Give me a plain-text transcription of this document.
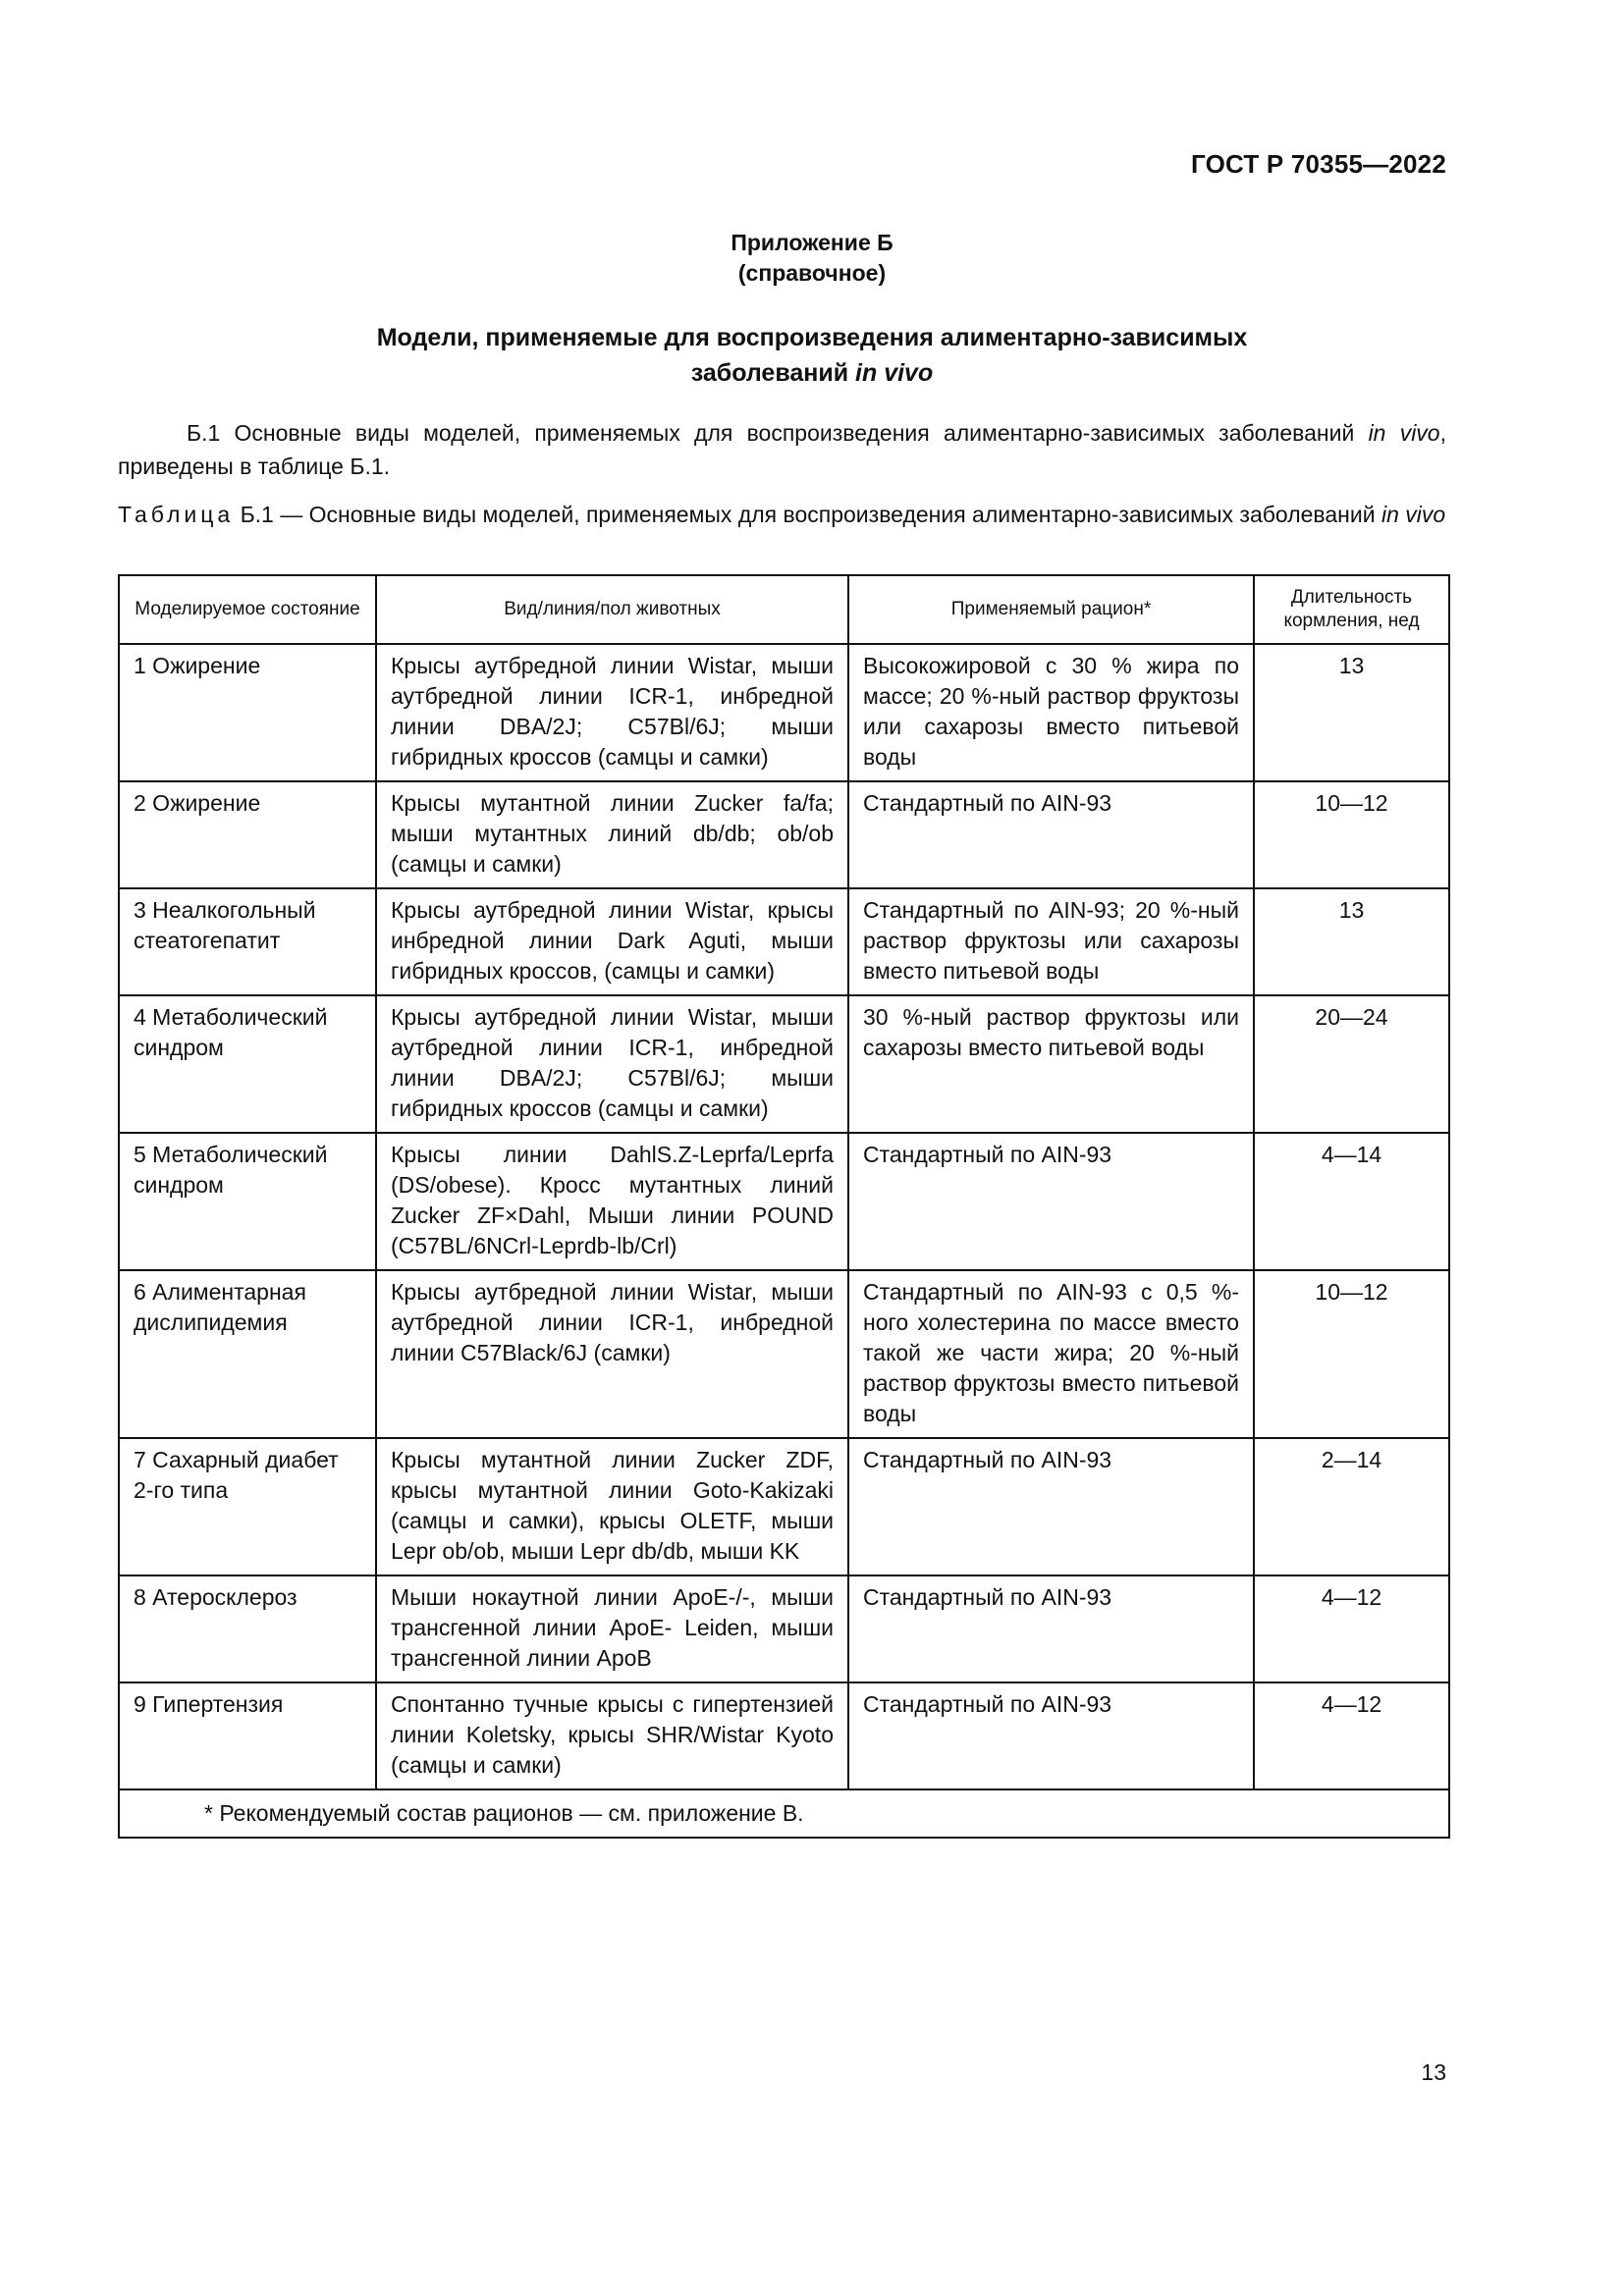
ГОСТ Р 70355—2022
Приложение Б
(справочное)
Модели, применяемые для воспроизведения алиментарно-зависимых
заболеваний in vivo
Б.1 Основные виды моделей, применяемых для воспроизведения алиментарно-зависимых заболеваний in vivo, приведены в таблице Б.1.
Таблица Б.1 — Основные виды моделей, применяемых для воспроизведения алиментарно-зависимых заболеваний in vivo
Моделируемое состояние	Вид/линия/пол животных	Применяемый рацион*	Длительность кормления, нед
1 Ожирение	Крысы аутбредной линии Wistar, мыши аутбредной линии ICR-1, инбредной линии DBA/2J; C57Bl/6J; мыши гибридных кроссов (самцы и самки)	Высокожировой с 30 % жира по массе; 20 %-ный раствор фруктозы или сахарозы вместо питьевой воды	13
2 Ожирение	Крысы мутантной линии Zucker fa/fa; мыши мутантных линий db/db; ob/ob (самцы и самки)	Стандартный по AIN-93	10—12
3 Неалкогольный стеатогепатит	Крысы аутбредной линии Wistar, крысы инбредной линии Dark Aguti, мыши гибридных кроссов, (самцы и самки)	Стандартный по AIN-93; 20 %-ный раствор фруктозы или сахарозы вместо питьевой воды	13
4 Метаболический синдром	Крысы аутбредной линии Wistar, мыши аутбредной линии ICR-1, инбредной линии DBA/2J; C57Bl/6J; мыши гибридных кроссов (самцы и самки)	30 %-ный раствор фруктозы или сахарозы вместо питьевой воды	20—24
5 Метаболический синдром	Крысы линии DahlS.Z-Leprfa/Leprfa (DS/obese). Кросс мутантных линий Zucker ZF×Dahl, Мыши линии POUND (C57BL/6NCrl-Leprdb-lb/Crl)	Стандартный по AIN-93	4—14
6 Алиментарная дислипидемия	Крысы аутбредной линии Wistar, мыши аутбредной линии ICR-1, инбредной линии C57Black/6J (самки)	Стандартный по AIN-93 с 0,5 %-ного холестерина по массе вместо такой же части жира; 20 %-ный раствор фруктозы вместо питьевой воды	10—12
7 Сахарный диабет 2-го типа	Крысы мутантной линии Zucker ZDF, крысы мутантной линии Goto-Kakizaki (самцы и самки), крысы OLETF, мыши Lepr ob/ob, мыши Lepr db/db, мыши KK	Стандартный по AIN-93	2—14
8 Атеросклероз	Мыши нокаутной линии ApoE-/-, мыши трансгенной линии ApoE- Leiden, мыши трансгенной линии ApoB	Стандартный по AIN-93	4—12
9 Гипертензия	Спонтанно тучные крысы с гипертензией линии Koletsky, крысы SHR/Wistar Kyoto (самцы и самки)	Стандартный по AIN-93	4—12
* Рекомендуемый состав рационов — см. приложение В.			
13
